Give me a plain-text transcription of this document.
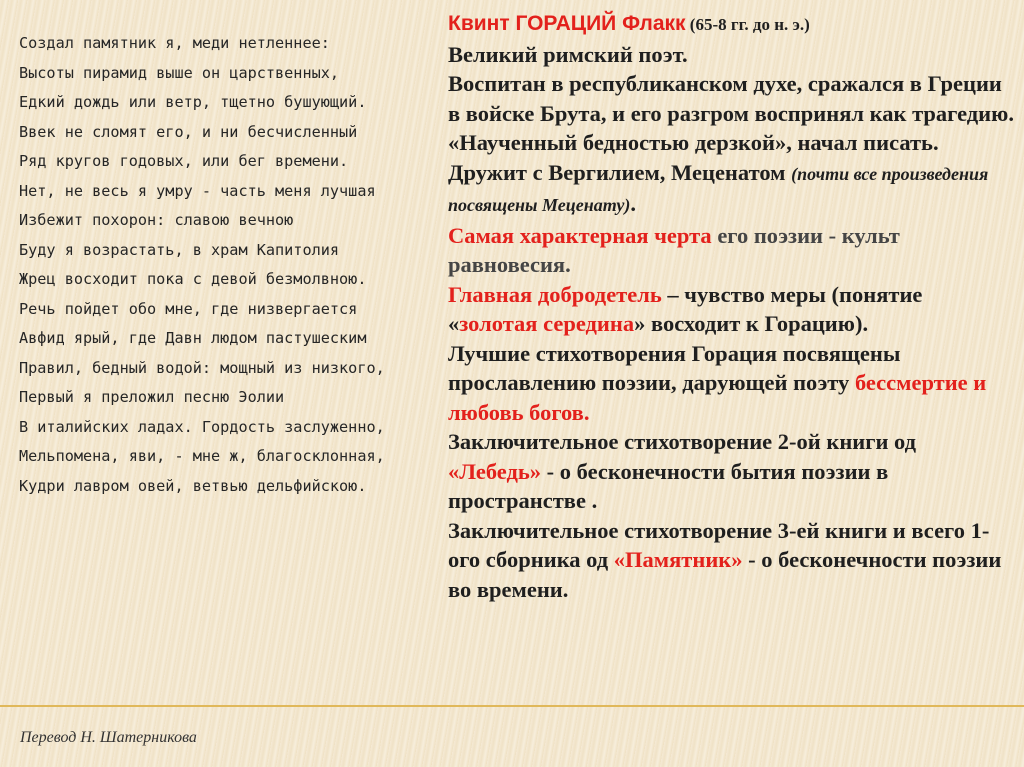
Создал памятник я, меди нетленнее:

Высоты пирамид выше он царственных,

Едкий дождь или ветр, тщетно бушующий.

Ввек не сломят его, и ни бесчисленный

Ряд кругов годовых, или бег времени.

Нет, не весь я умру - часть меня лучшая

Избежит похорон: славою вечною

Буду я возрастать, в храм Капитолия

Жрец восходит пока с девой безмолвною.

Речь пойдет обо мне, где низвергается

Авфид ярый, где Давн людом пастушеским

Правил, бедный водой: мощный из низкого,

Первый я преложил песню Эолии

В италийских ладах. Гордость заслуженно,

Мельпомена, яви, - мне ж, благосклонная,

Кудри лавром овей, ветвью дельфийскою.

Перевод Н. Шатерникова

Квинт ГОРАЦИЙ Флакк (65-8 гг. до н. э.)

Великий римский поэт.

Воспитан в республиканском духе, сражался в Греции в войске Брута, и его разгром воспринял как трагедию.

«Наученный бедностью дерзкой», начал писать.

Дружит с Вергилием, Меценатом (почти все произведения посвящены Меценату).

Самая характерная черта его поэзии - культ равновесия.

Главная добродетель – чувство меры (понятие «золотая середина» восходит к Горацию).

Лучшие стихотворения Горация посвящены прославлению поэзии, дарующей поэту бессмертие и любовь богов.

Заключительное стихотворение 2-ой книги од «Лебедь» - о бесконечности бытия поэзии в пространстве .

Заключительное стихотворение 3-ей книги и всего 1-ого сборника од «Памятник» - о бесконечности поэзии во времени.
